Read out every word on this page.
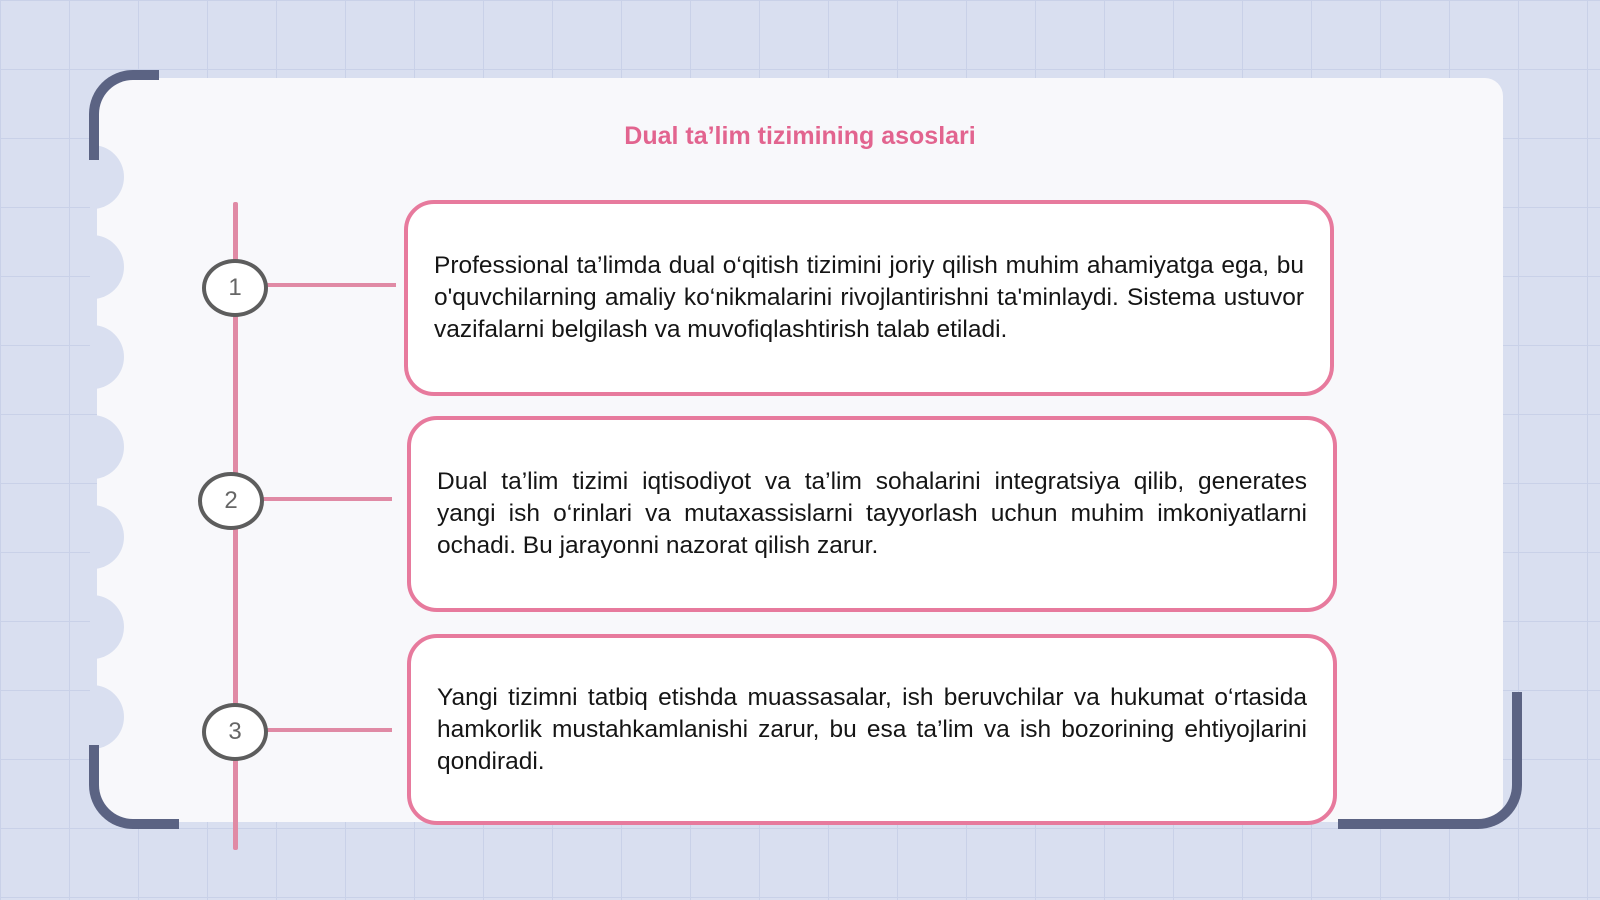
Dual ta’lim tizimining asoslari
1

Professional ta’limda dual o‘qitish tizimini joriy qilish muhim ahamiyatga ega, bu o'quvchilarning amaliy ko‘nikmalarini rivojlantirishni ta'minlaydi. Sistema ustuvor vazifalarni belgilash va muvofiqlashtirish talab etiladi.

2

Dual ta’lim tizimi iqtisodiyot va ta’lim sohalarini integratsiya qilib, generates yangi ish o‘rinlari va mutaxassislarni tayyorlash uchun muhim imkoniyatlarni ochadi. Bu jarayonni nazorat qilish zarur.

3

Yangi tizimni tatbiq etishda muassasalar, ish beruvchilar va hukumat o‘rtasida hamkorlik mustahkamlanishi zarur, bu esa ta’lim va ish bozorining ehtiyojlarini qondiradi.
